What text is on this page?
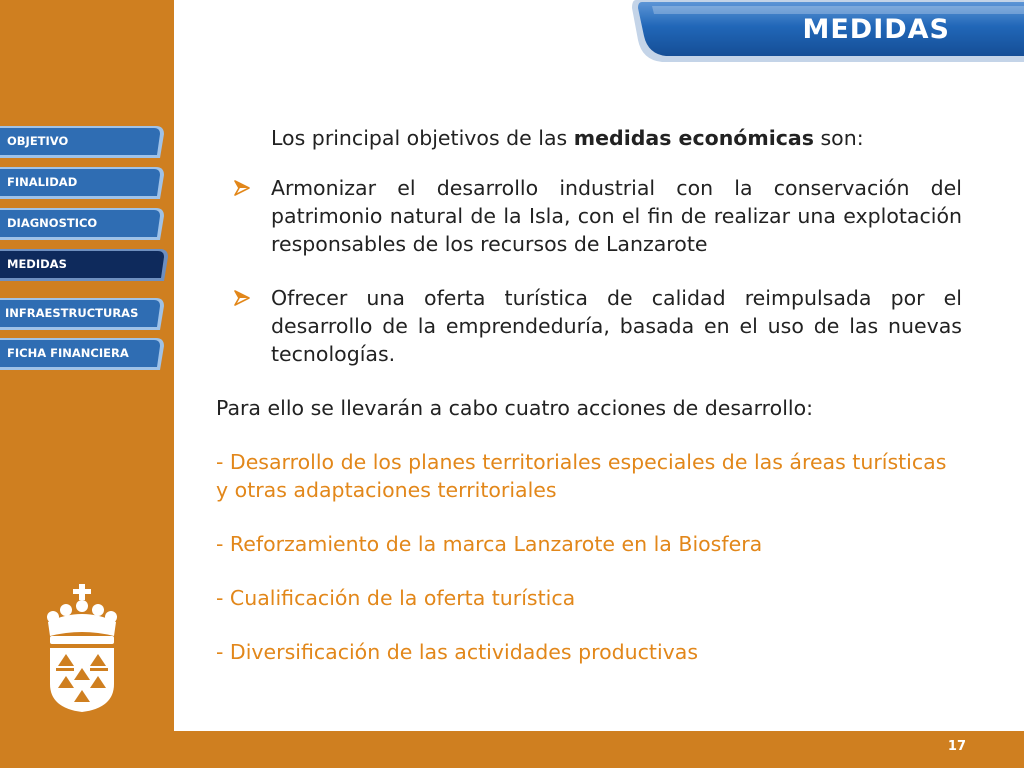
MEDIDAS
OBJETIVO
FINALIDAD
DIAGNOSTICO
MEDIDAS
INFRAESTRUCTURAS
FICHA FINANCIERA
Los principal objetivos de las medidas económicas son:
Armonizar el desarrollo industrial con la conservación del patrimonio natural de la Isla, con el fin de realizar una explotación responsables de los recursos de Lanzarote
Ofrecer una oferta turística de calidad reimpulsada por el desarrollo de la emprendeduría, basada en el uso de las nuevas tecnologías.
Para ello se llevarán a cabo cuatro acciones de desarrollo:
- Desarrollo de los planes territoriales especiales de las áreas turísticas y otras adaptaciones territoriales
- Reforzamiento de la marca Lanzarote en la Biosfera
- Cualificación de la oferta turística
- Diversificación de las actividades productivas
17
